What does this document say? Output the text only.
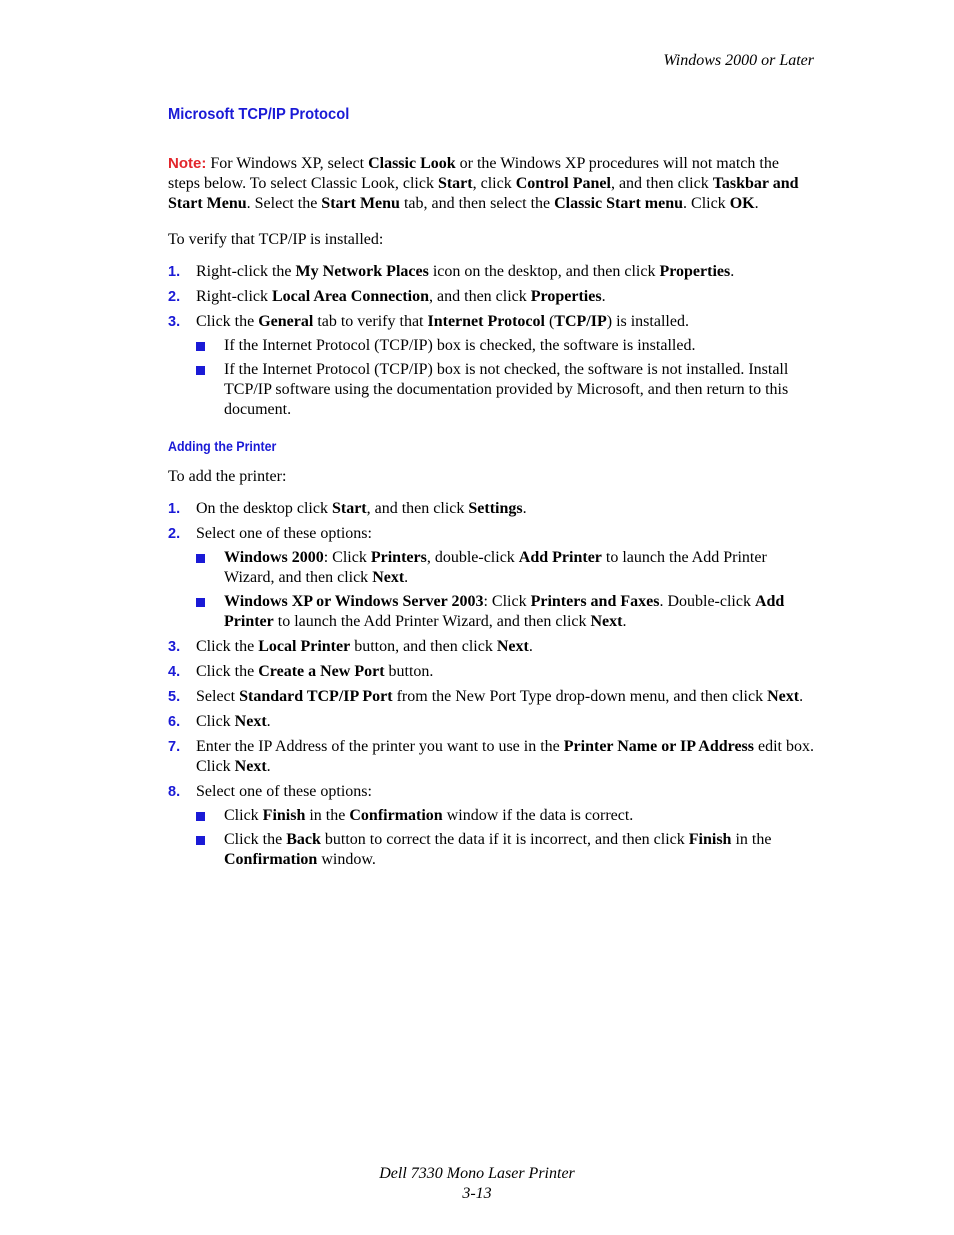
Windows 2000 or Later
Microsoft TCP/IP Protocol

Note: For Windows XP, select Classic Look or the Windows XP procedures will not match the steps below. To select Classic Look, click Start, click Control Panel, and then click Taskbar and Start Menu. Select the Start Menu tab, and then select the Classic Start menu. Click OK.

To verify that TCP/IP is installed:

1. Right-click the My Network Places icon on the desktop, and then click Properties.
2. Right-click Local Area Connection, and then click Properties.
3. Click the General tab to verify that Internet Protocol (TCP/IP) is installed.
If the Internet Protocol (TCP/IP) box is checked, the software is installed.
If the Internet Protocol (TCP/IP) box is not checked, the software is not installed. Install TCP/IP software using the documentation provided by Microsoft, and then return to this document.
Adding the Printer

To add the printer:

1. On the desktop click Start, and then click Settings.
2. Select one of these options:
Windows 2000: Click Printers, double-click Add Printer to launch the Add Printer Wizard, and then click Next.
Windows XP or Windows Server 2003: Click Printers and Faxes. Double-click Add Printer to launch the Add Printer Wizard, and then click Next.
3. Click the Local Printer button, and then click Next.
4. Click the Create a New Port button.
5. Select Standard TCP/IP Port from the New Port Type drop-down menu, and then click Next.
6. Click Next.
7. Enter the IP Address of the printer you want to use in the Printer Name or IP Address edit box. Click Next.
8. Select one of these options:
Click Finish in the Confirmation window if the data is correct.
Click the Back button to correct the data if it is incorrect, and then click Finish in the Confirmation window.
Dell 7330 Mono Laser Printer
3-13
